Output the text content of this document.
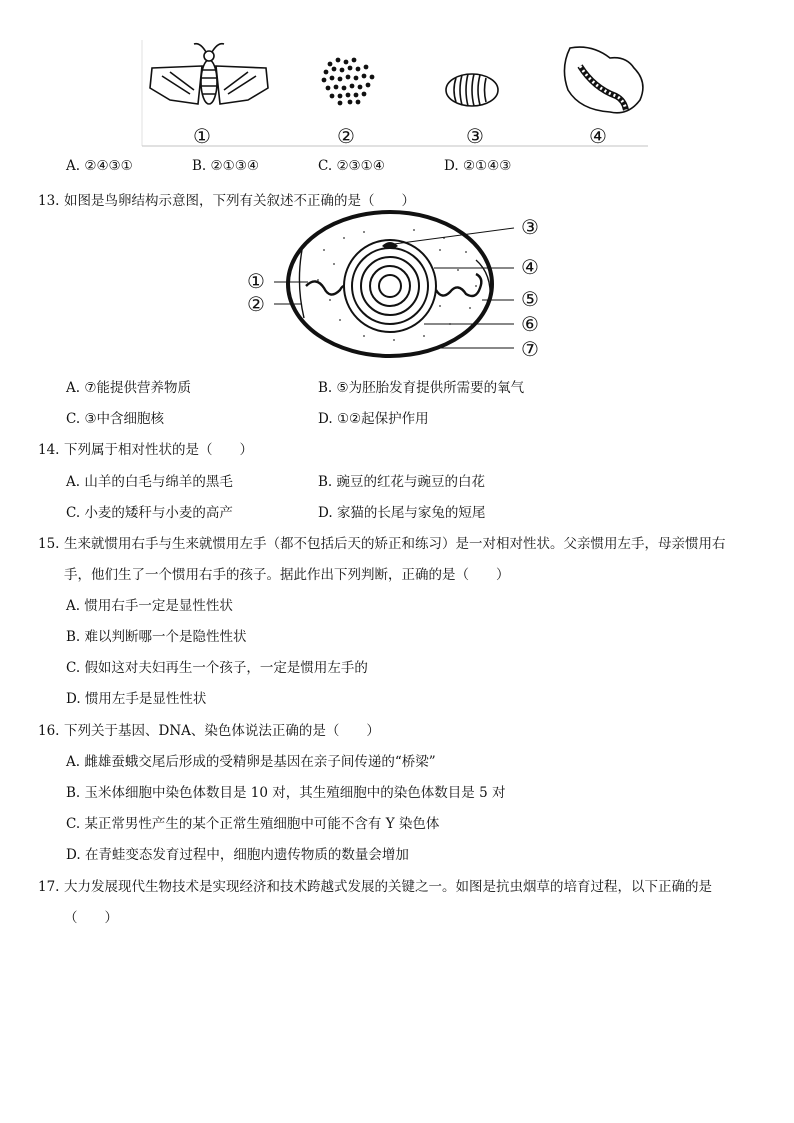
①	②	③	④
A. ②④③①	B. ②①③④	C. ②③①④	D. ②①④③
13. 如图是鸟卵结构示意图，下列有关叙述不正确的是（　　）
①
②
③
④
⑤
⑥
⑦
A. ⑦能提供营养物质	B. ⑤为胚胎发育提供所需要的氧气
C. ③中含细胞核	D. ①②起保护作用
14. 下列属于相对性状的是（　　）
A. 山羊的白毛与绵羊的黑毛	B. 豌豆的红花与豌豆的白花
C. 小麦的矮秆与小麦的高产	D. 家猫的长尾与家兔的短尾
15. 生来就惯用右手与生来就惯用左手（都不包括后天的矫正和练习）是一对相对性状。父亲惯用左手，母亲惯用右
手，他们生了一个惯用右手的孩子。据此作出下列判断，正确的是（　　）
A. 惯用右手一定是显性性状
B. 难以判断哪一个是隐性性状
C. 假如这对夫妇再生一个孩子，一定是惯用左手的
D. 惯用左手是显性性状
16. 下列关于基因、DNA、染色体说法正确的是（　　）
A. 雌雄蚕蛾交尾后形成的受精卵是基因在亲子间传递的“桥梁”
B. 玉米体细胞中染色体数目是 10 对，其生殖细胞中的染色体数目是 5 对
C. 某正常男性产生的某个正常生殖细胞中可能不含有 Y 染色体
D. 在青蛙变态发育过程中，细胞内遗传物质的数量会增加
17. 大力发展现代生物技术是实现经济和技术跨越式发展的关键之一。如图是抗虫烟草的培育过程，以下正确的是
（　　）
